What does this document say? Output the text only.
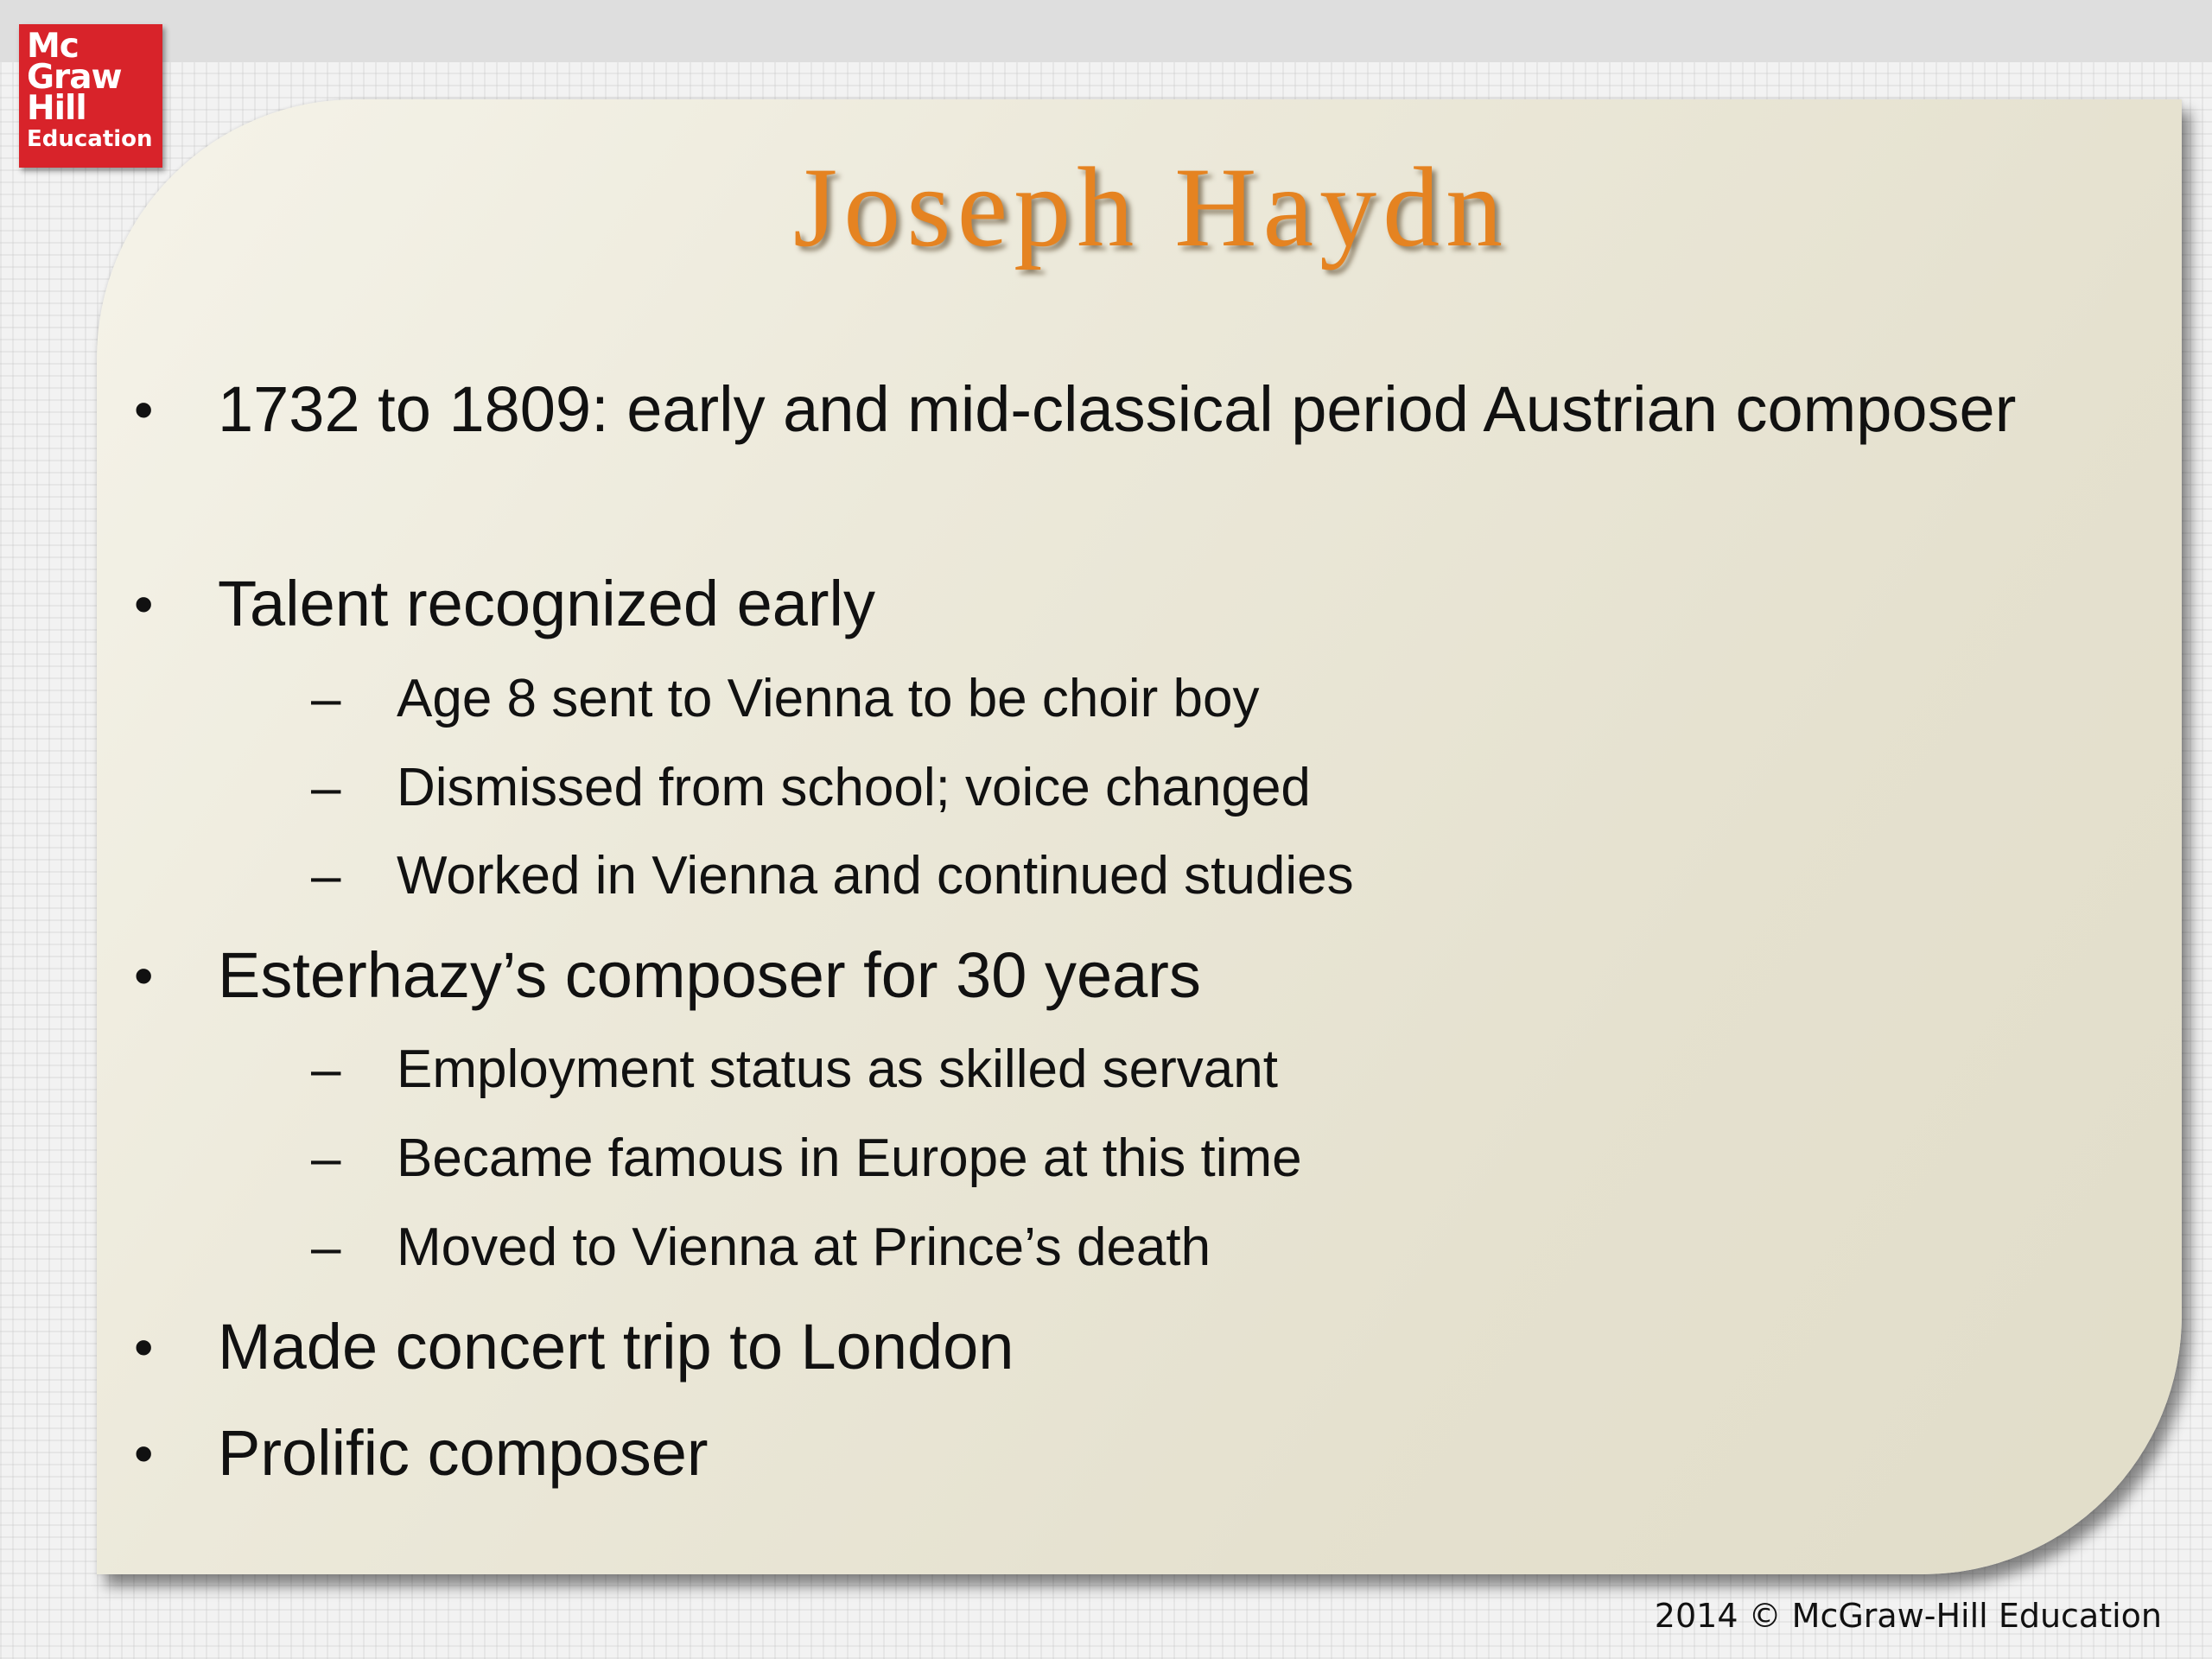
Mc
Graw
Hill
Education
Joseph Haydn
• 1732 to 1809: early and mid-classical period Austrian composer
• Talent recognized early
– Age 8 sent to Vienna to be choir boy
– Dismissed from school; voice changed
– Worked in Vienna and continued studies
• Esterhazy’s composer for 30 years
– Employment status as skilled servant
– Became famous in Europe at this time
– Moved to Vienna at Prince’s death
• Made concert trip to London
• Prolific composer
2014 © McGraw-Hill Education
